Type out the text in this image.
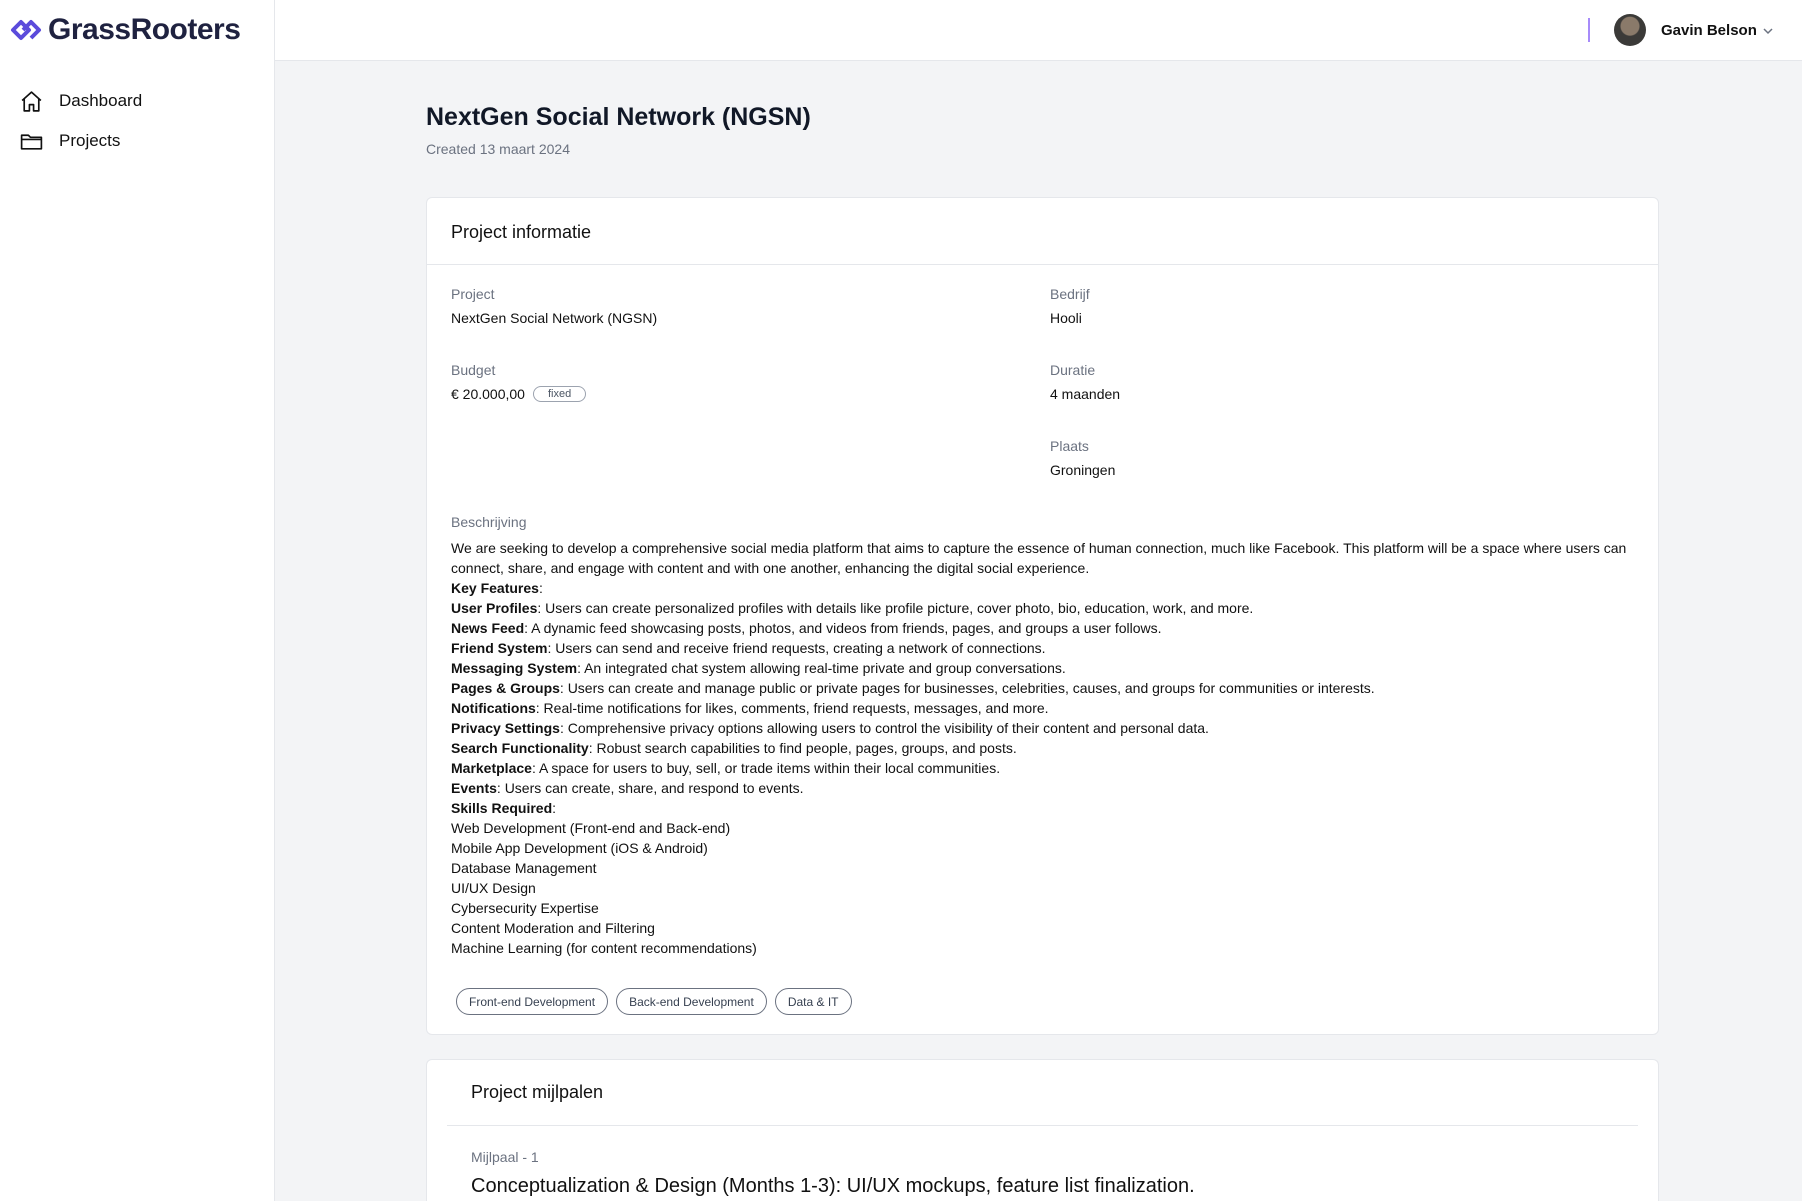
GrassRooters
Dashboard
Projects
Gavin Belson
NextGen Social Network (NGSN)
Created 13 maart 2024
Project informatie
Project
NextGen Social Network (NGSN)
Bedrijf
Hooli
Budget
€ 20.000,00	fixed
Duratie
4 maanden
Plaats
Groningen
Beschrijving

We are seeking to develop a comprehensive social media platform that aims to capture the essence of human connection, much like Facebook. This platform will be a space where users can connect, share, and engage with content and with one another, enhancing the digital social experience.

Key Features:

User Profiles: Users can create personalized profiles with details like profile picture, cover photo, bio, education, work, and more.

News Feed: A dynamic feed showcasing posts, photos, and videos from friends, pages, and groups a user follows.

Friend System: Users can send and receive friend requests, creating a network of connections.

Messaging System: An integrated chat system allowing real-time private and group conversations.

Pages & Groups: Users can create and manage public or private pages for businesses, celebrities, causes, and groups for communities or interests.

Notifications: Real-time notifications for likes, comments, friend requests, messages, and more.

Privacy Settings: Comprehensive privacy options allowing users to control the visibility of their content and personal data.

Search Functionality: Robust search capabilities to find people, pages, groups, and posts.

Marketplace: A space for users to buy, sell, or trade items within their local communities.

Events: Users can create, share, and respond to events.

Skills Required:

Web Development (Front-end and Back-end)

Mobile App Development (iOS & Android)

Database Management

UI/UX Design

Cybersecurity Expertise

Content Moderation and Filtering

Machine Learning (for content recommendations)

Front-end Development	Back-end Development	Data & IT
Project mijlpalen
Mijlpaal - 1
Conceptualization & Design (Months 1-3): UI/UX mockups, feature list finalization.
